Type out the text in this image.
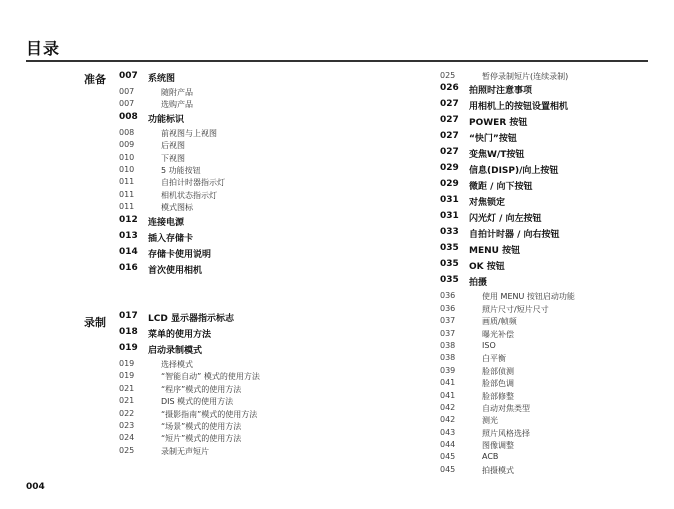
目录
准备 007 系统图
007	随附产品
007	选购产品
008 功能标识
008	前视图与上视图
009	后视图
010	下视图
010	5 功能按钮
011	自拍计时器指示灯
011	相机状态指示灯
011	模式图标
012 连接电源
013 插入存储卡
014 存储卡使用说明
016 首次使用相机
录制 017 LCD 显示器指示标志
018 菜单的使用方法
019 启动录制模式
019	选择模式
019	“智能自动” 模式的使用方法
021	“程序”模式的使用方法
021	DIS 模式的使用方法
022	“摄影指南”模式的使用方法
023	“场景”模式的使用方法
024	“短片”模式的使用方法
025	录制无声短片
025	暂停录制短片(连续录制)
026 拍照时注意事项
027 用相机上的按钮设置相机
027 POWER 按钮
027 “快门”按钮
027 变焦W/T按钮
029 信息(DISP)/向上按钮
029 微距 / 向下按钮
031 对焦锁定
031 闪光灯 / 向左按钮
033 自拍计时器 / 向右按钮
035 MENU 按钮
035 OK 按钮
035 拍摄
036	使用 MENU 按钮启动功能
036	照片尺寸/短片尺寸
037	画质/帧频
037	曝光补偿
038	ISO
038	白平衡
039	脸部侦测
041	脸部色调
041	脸部修整
042	自动对焦类型
042	测光
043	照片风格选择
044	图像调整
045	ACB
045	拍摄模式
004
